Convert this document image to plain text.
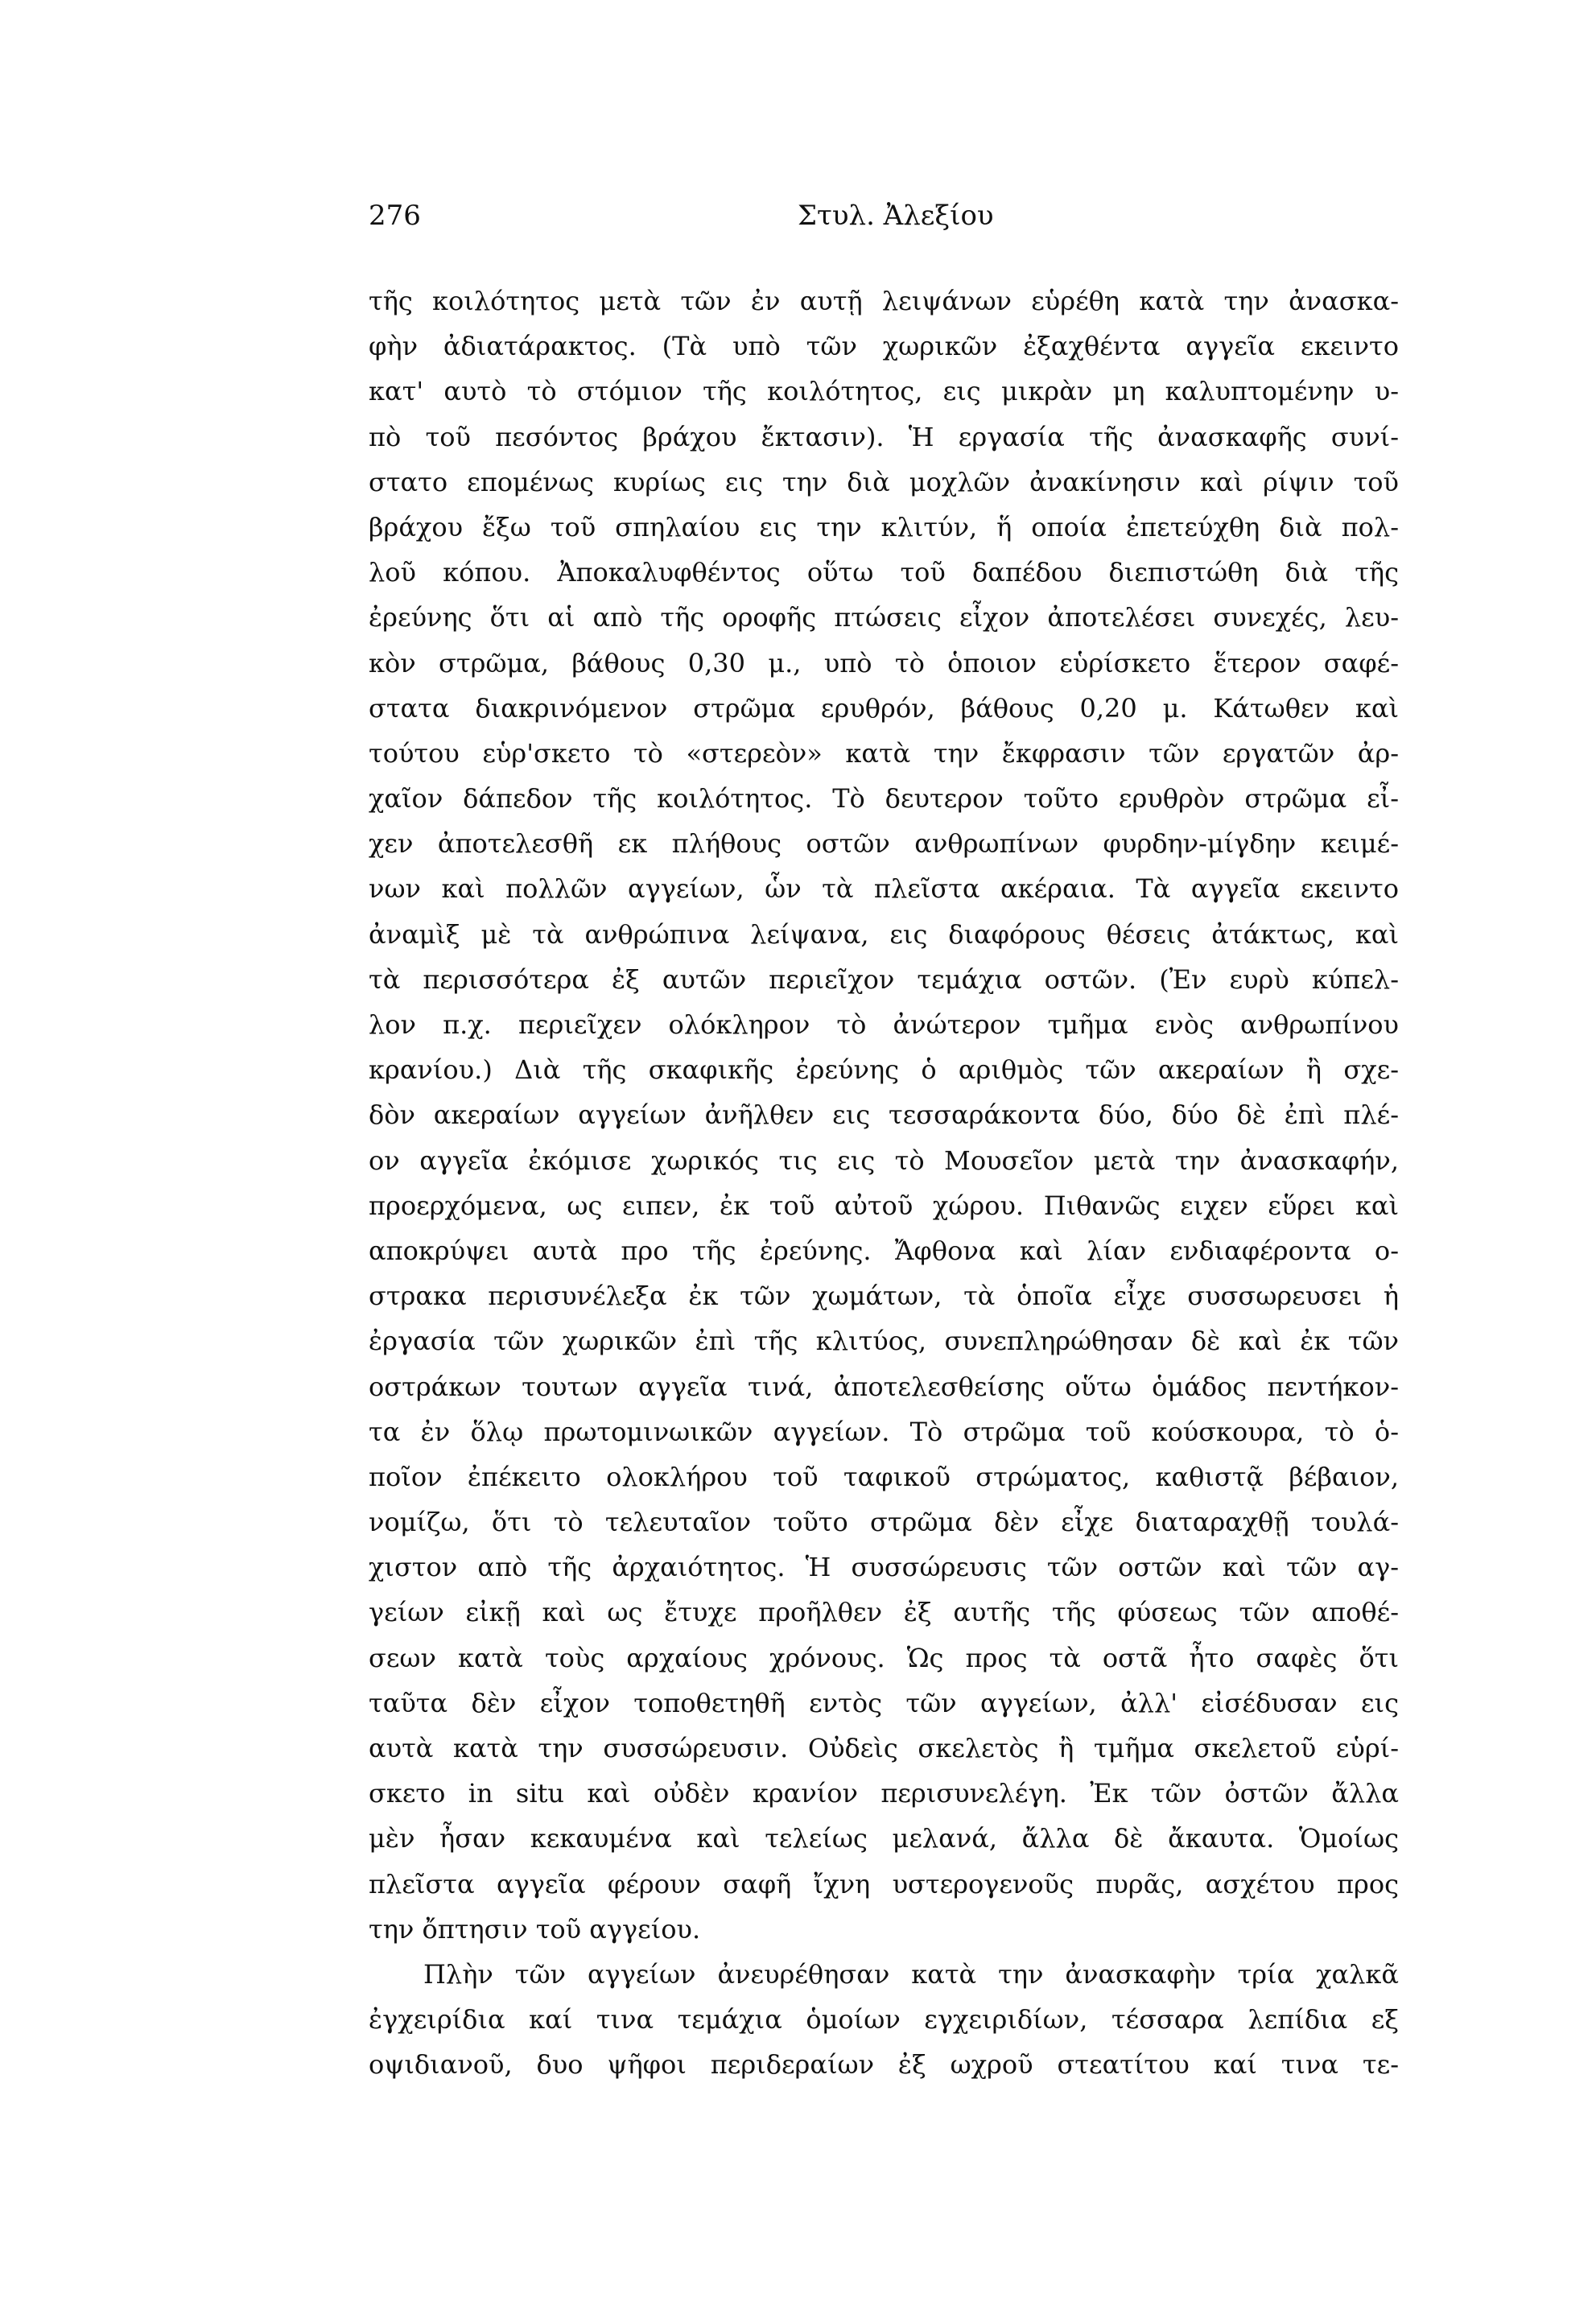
276	Στυλ. Ἀλεξίου
τῆς κοιλότητος μετὰ τῶν ἐν αυτῇ λειψάνων εὑρέθη κατὰ την ἀνασκα-
φὴν ἀδιατάρακτος. (Τὰ υπὸ τῶν χωρικῶν ἐξαχθέντα αγγεῖα εκειντο
κατ' αυτὸ τὸ στόμιον τῆς κοιλότητος, εις μικρὰν μη καλυπτομένην υ-
πὸ τοῦ πεσόντος βράχου ἔκτασιν). Ἡ εργασία τῆς ἀνασκαφῆς συνί-
στατο επομένως κυρίως εις την διὰ μοχλῶν ἀνακίνησιν καὶ ρίψιν τοῦ
βράχου ἔξω τοῦ σπηλαίου εις την κλιτύν, ἥ οποία ἐπετεύχθη διὰ πολ-
λοῦ κόπου. Ἀποκαλυφθέντος οὕτω τοῦ δαπέδου διεπιστώθη διὰ τῆς
ἐρεύνης ὅτι αἱ απὸ τῆς οροφῆς πτώσεις εἶχον ἀποτελέσει συνεχές, λευ-
κὸν στρῶμα, βάθους 0,30 μ., υπὸ τὸ ὁποιον εὑρίσκετο ἕτερον σαφέ-
στατα διακρινόμενον στρῶμα ερυθρόν, βάθους 0,20 μ. Κάτωθεν καὶ
τούτου εὑρ'σκετο τὸ «στερεὸν» κατὰ την ἔκφρασιν τῶν εργατῶν ἀρ-
χαῖον δάπεδον τῆς κοιλότητος. Τὸ δευτερον τοῦτο ερυθρὸν στρῶμα εἶ-
χεν ἀποτελεσθῆ εκ πλήθους οστῶν ανθρωπίνων φυρδην-μίγδην κειμέ-
νων καὶ πολλῶν αγγείων, ὧν τὰ πλεῖστα ακέραια. Τὰ αγγεῖα εκειντο
ἀναμὶξ μὲ τὰ ανθρώπινα λείψανα, εις διαφόρους θέσεις ἀτάκτως, καὶ
τὰ περισσότερα ἐξ αυτῶν περιεῖχον τεμάχια οστῶν. (Ἐν ευρὺ κύπελ-
λον π.χ. περιεῖχεν ολόκληρον τὸ ἀνώτερον τμῆμα ενὸς ανθρωπίνου
κρανίου.) Διὰ τῆς σκαφικῆς ἐρεύνης ὁ αριθμὸς τῶν ακεραίων ἢ σχε-
δὸν ακεραίων αγγείων ἀνῆλθεν εις τεσσαράκοντα δύο, δύο δὲ ἐπὶ πλέ-
ον αγγεῖα ἐκόμισε χωρικός τις εις τὸ Μουσεῖον μετὰ την ἀνασκαφήν,
προερχόμενα, ως ειπεν, ἐκ τοῦ αὐτοῦ χώρου. Πιθανῶς ειχεν εὕρει καὶ
αποκρύψει αυτὰ προ τῆς ἐρεύνης. Ἄφθονα καὶ λίαν ενδιαφέροντα ο-
στρακα περισυνέλεξα ἐκ τῶν χωμάτων, τὰ ὁποῖα εἶχε συσσωρευσει ἡ
ἐργασία τῶν χωρικῶν ἐπὶ τῆς κλιτύος, συνεπληρώθησαν δὲ καὶ ἐκ τῶν
οστράκων τουτων αγγεῖα τινά, ἀποτελεσθείσης οὕτω ὁμάδος πεντήκον-
τα ἐν ὅλῳ πρωτομινωικῶν αγγείων. Τὸ στρῶμα τοῦ κούσκουρα, τὸ ὁ-
ποῖον ἐπέκειτο ολοκλήρου τοῦ ταφικοῦ στρώματος, καθιστᾷ βέβαιον,
νομίζω, ὅτι τὸ τελευταῖον τοῦτο στρῶμα δὲν εἶχε διαταραχθῇ τουλά-
χιστον απὸ τῆς ἀρχαιότητος. Ἡ συσσώρευσις τῶν οστῶν καὶ τῶν αγ-
γείων εἰκῇ καὶ ως ἔτυχε προῆλθεν ἐξ αυτῆς τῆς φύσεως τῶν αποθέ-
σεων κατὰ τοὺς αρχαίους χρόνους. Ὡς προς τὰ οστᾶ ἦτο σαφὲς ὅτι
ταῦτα δὲν εἶχον τοποθετηθῆ εντὸς τῶν αγγείων, ἀλλ' εἰσέδυσαν εις
αυτὰ κατὰ την συσσώρευσιν. Οὐδεὶς σκελετὸς ἢ τμῆμα σκελετοῦ εὑρί-
σκετο in situ καὶ οὐδὲν κρανίον περισυνελέγη. Ἐκ τῶν ὀστῶν ἄλλα
μὲν ἦσαν κεκαυμένα καὶ τελείως μελανά, ἄλλα δὲ ἄκαυτα. Ὁμοίως
πλεῖστα αγγεῖα φέρουν σαφῆ ἴχνη υστερογενοῦς πυρᾶς, ασχέτου προς
την ὄπτησιν τοῦ αγγείου.
Πλὴν τῶν αγγείων ἀνευρέθησαν κατὰ την ἀνασκαφὴν τρία χαλκᾶ
ἐγχειρίδια καί τινα τεμάχια ὁμοίων εγχειριδίων, τέσσαρα λεπίδια εξ
οψιδιανοῦ, δυο ψῆφοι περιδεραίων ἐξ ωχροῦ στεατίτου καί τινα τε-
